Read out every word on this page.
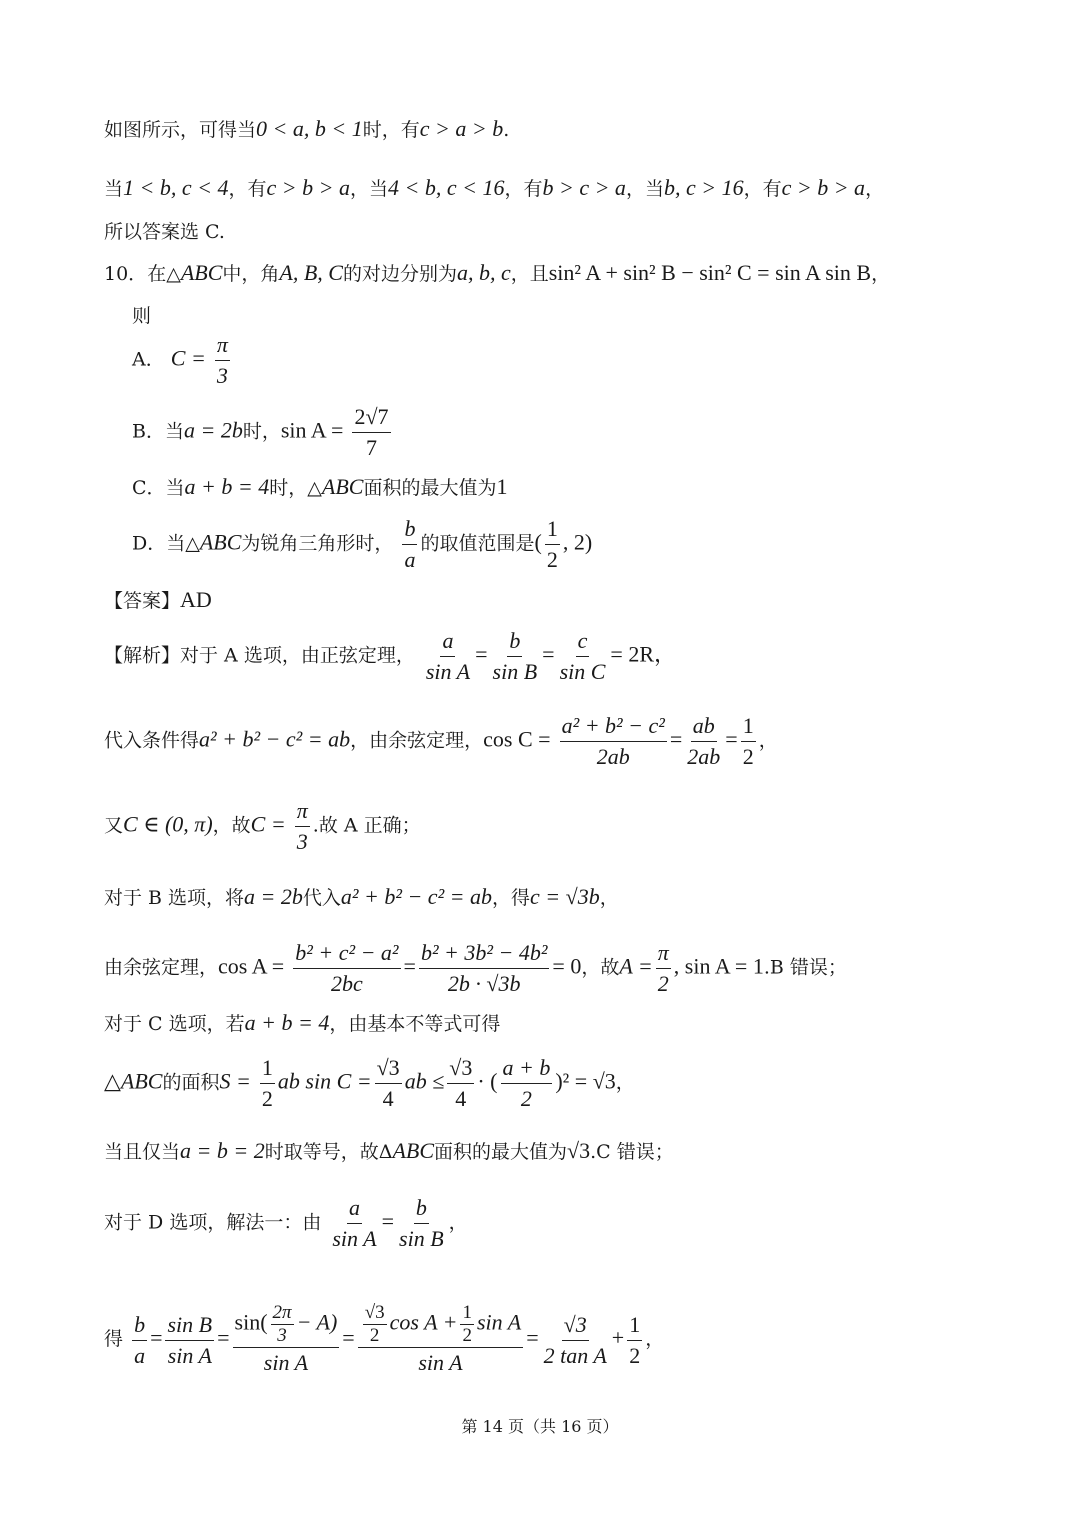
如图所示，可得当0 < a, b < 1时，有c > a > b.
当1 < b, c < 4，有c > b > a，当4 < b, c < 16，有b > c > a，当b, c > 16，有c > b > a，
所以答案选 C.
10．在△ABC中，角A, B, C的对边分别为a, b, c，且sin² A + sin² B − sin² C = sin A sin B，
则
A． $C = \frac{\pi}{3}$
B．当a = 2b时，$\sin A = \frac{2√7}{7}$
C．当a + b = 4时，△ABC面积的最大值为1
D．当△ABC为锐角三角形时， $\frac{b}{a}$ 的取值范围是( $\frac{1}{2}$ , 2)
【答案】AD
【解析】对于 A 选项，由正弦定理， $\frac{a}{\text{sin A}} = \frac{b}{\text{sin B}} = \frac{c}{\text{sin C}} = 2R$，
代入条件得a² + b² − c² = ab，由余弦定理，$\cos C = \frac{\text{a² + b² − c²}}{2ab} = \frac{ab}{2ab} = \frac{1}{2}$ ，
又C ∈ (0, π)，故$C = \frac{\pi}{3}$ .故 A 正确；
对于 B 选项，将a = 2b代入a² + b² − c² = ab，得c = √3b，
由余弦定理，$\cos A = \frac{\text{b² + c² − a²}}{2bc} = \frac{\text{b² + 3b² − 4b²}}{2b \cdot √3b} = 0$，故$A = \frac{\pi}{2}$ , sin A = 1.B 错误；
对于 C 选项，若a + b = 4，由基本不等式可得
△ABC的面积$S = \frac{1}{2}$ ab $\sin C = \frac{√3}{4}$ ab ≤ $\frac{√3}{4}$ · ( $\frac{a + b}{2} )^2 = √3$，
当且仅当a = b = 2时取等号，故ΔABC面积的最大值为√3.C 错误；
对于 D 选项，解法一：由 $\frac{a}{\text{sin A}} = \frac{b}{\text{sin B}}$ ，
得 $\frac{b}{a} = \frac{\text{sin B}}{\text{sin A}} = \frac{\sin( \frac{2\pi}{3} - A)}{\text{sin A}} = \frac{\frac{√3}{2} \cos A + \frac{1}{2} \sin A}{\text{sin A}} = \frac{√3}{\text{2 tan A}} + \frac{1}{2}$ ，
第 14 页（共 16 页）
